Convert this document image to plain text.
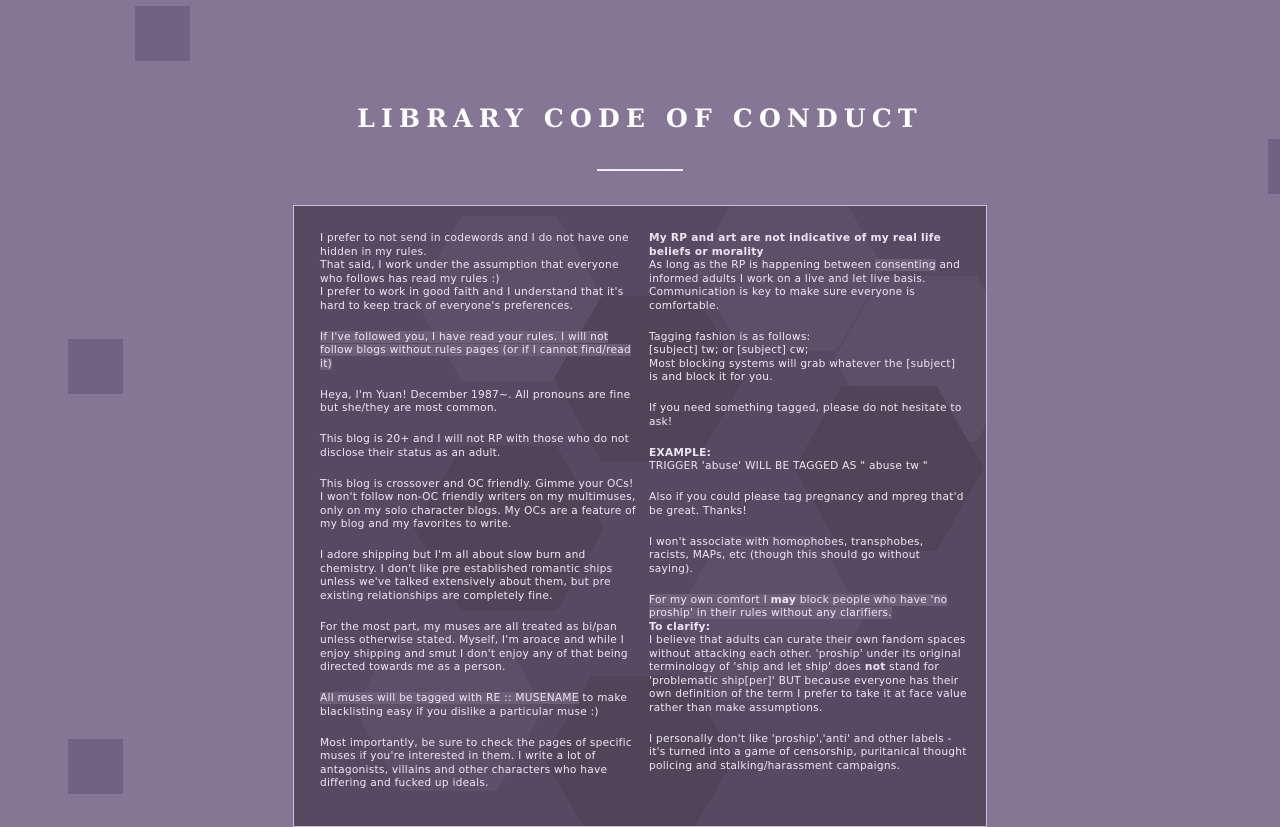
LIBRARY CODE OF CONDUCT

I prefer to not send in codewords and I do not have one hidden in my rules.
That said, I work under the assumption that everyone who follows has read my rules :)
I prefer to work in good faith and I understand that it's hard to keep track of everyone's preferences.

If I've followed you, I have read your rules. I will not follow blogs without rules pages (or if I cannot find/read it)

Heya, I'm Yuan! December 1987~. All pronouns are fine but she/they are most common.

This blog is 20+ and I will not RP with those who do not disclose their status as an adult.

This blog is crossover and OC friendly. Gimme your OCs! I won't follow non-OC friendly writers on my multimuses, only on my solo character blogs. My OCs are a feature of my blog and my favorites to write.

I adore shipping but I'm all about slow burn and chemistry. I don't like pre established romantic ships unless we've talked extensively about them, but pre existing relationships are completely fine.

For the most part, my muses are all treated as bi/pan unless otherwise stated. Myself, I'm aroace and while I enjoy shipping and smut I don't enjoy any of that being directed towards me as a person.

All muses will be tagged with RE :: MUSENAME to make blacklisting easy if you dislike a particular muse :)

Most importantly, be sure to check the pages of specific muses if you're interested in them. I write a lot of antagonists, villains and other characters who have differing and fucked up ideals.

My RP and art are not indicative of my real life beliefs or morality
As long as the RP is happening between consenting and informed adults I work on a live and let live basis.
Communication is key to make sure everyone is comfortable.

Tagging fashion is as follows:
[subject] tw; or [subject] cw;
Most blocking systems will grab whatever the [subject] is and block it for you.

If you need something tagged, please do not hesitate to ask!

EXAMPLE:
TRIGGER 'abuse' WILL BE TAGGED AS " abuse tw "

Also if you could please tag pregnancy and mpreg that'd be great. Thanks!

I won't associate with homophobes, transphobes, racists, MAPs, etc (though this should go without saying).

For my own comfort I may block people who have 'no proship' in their rules without any clarifiers.
To clarify:
I believe that adults can curate their own fandom spaces without attacking each other. 'proship' under its original terminology of 'ship and let ship' does not stand for 'problematic ship[per]' BUT because everyone has their own definition of the term I prefer to take it at face value rather than make assumptions.

I personally don't like 'proship','anti' and other labels - it's turned into a game of censorship, puritanical thought policing and stalking/harassment campaigns.
